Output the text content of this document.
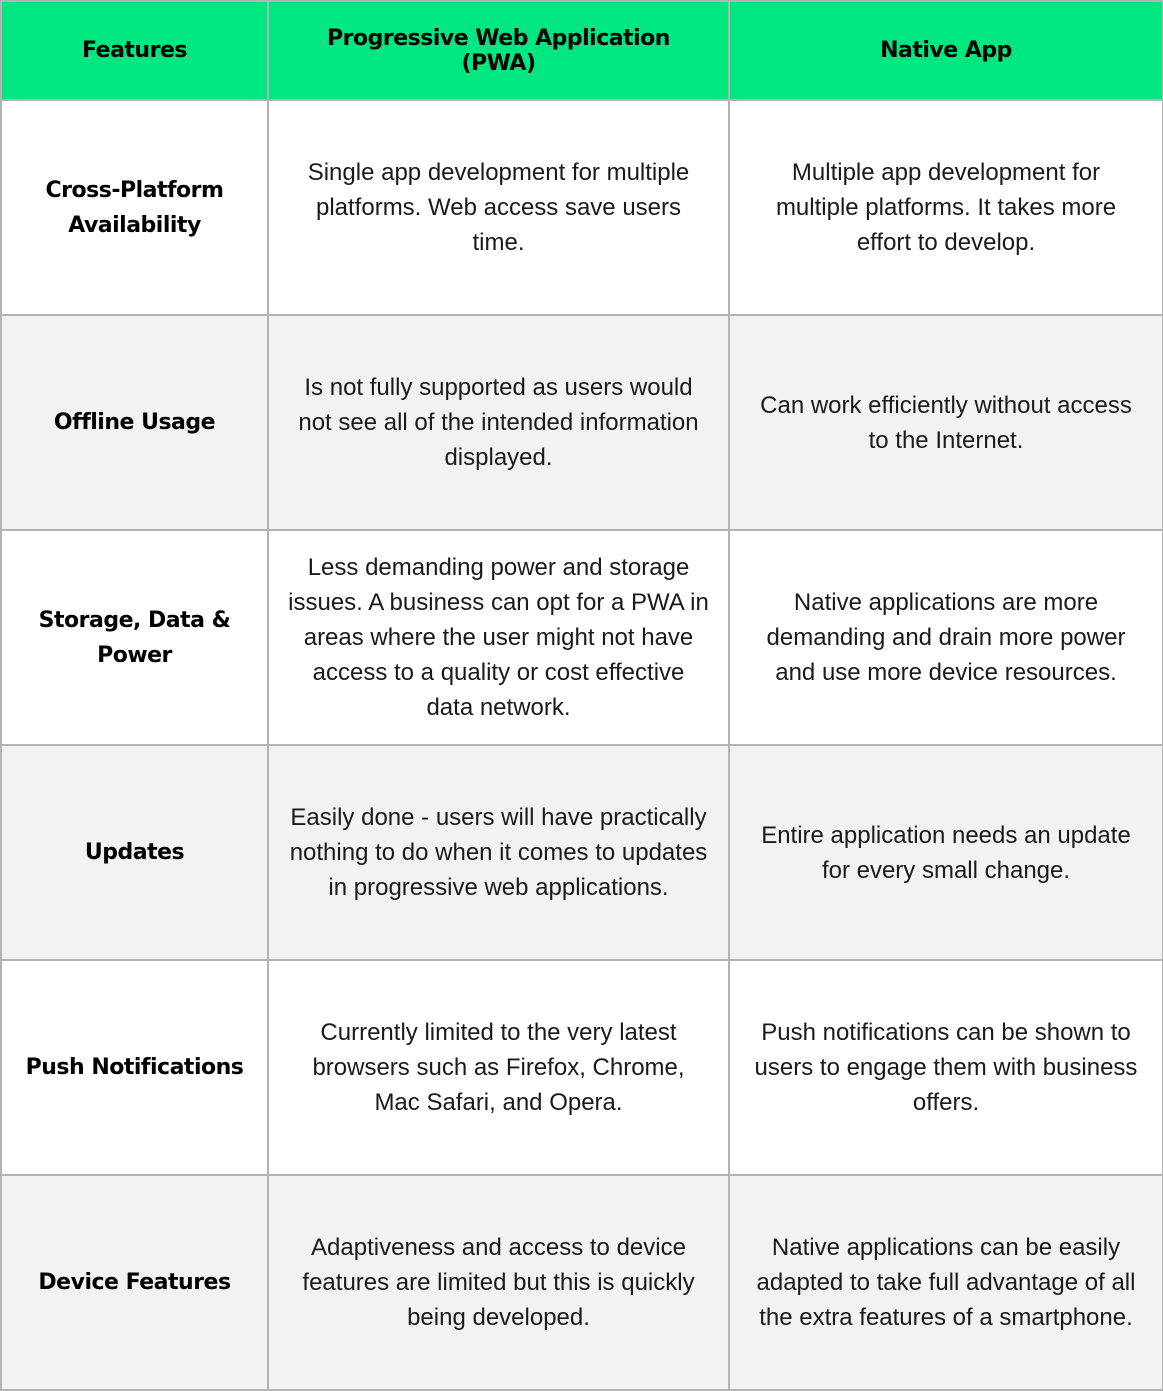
Features	Progressive Web Application (PWA)	Native App
Cross-Platform Availability	Single app development for multiple platforms. Web access save users time.	Multiple app development for multiple platforms. It takes more effort to develop.
Offline Usage	Is not fully supported as users would not see all of the intended information displayed.	Can work efficiently without access to the Internet.
Storage, Data & Power	Less demanding power and storage issues. A business can opt for a PWA in areas where the user might not have access to a quality or cost effective data network.	Native applications are more demanding and drain more power and use more device resources.
Updates	Easily done - users will have practically nothing to do when it comes to updates in progressive web applications.	Entire application needs an update for every small change.
Push Notifications	Currently limited to the very latest browsers such as Firefox, Chrome, Mac Safari, and Opera.	Push notifications can be shown to users to engage them with business offers.
Device Features	Adaptiveness and access to device features are limited but this is quickly being developed.	Native applications can be easily adapted to take full advantage of all the extra features of a smartphone.
